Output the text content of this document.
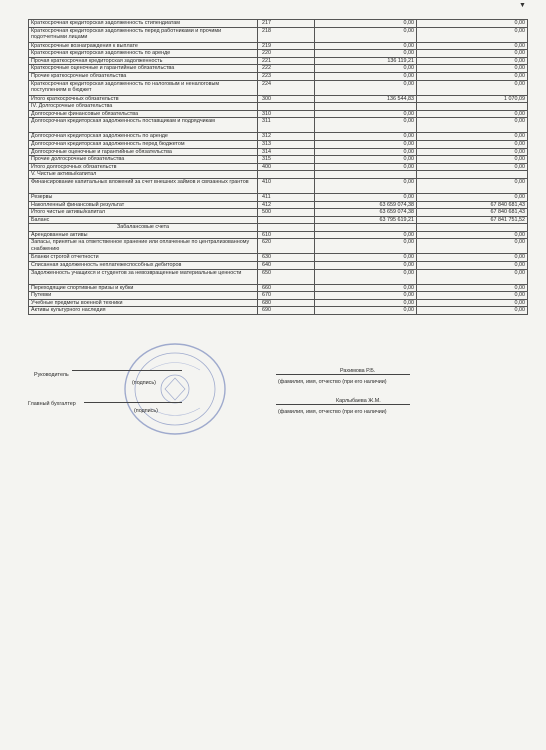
▼
Краткосрочная кредиторская задолженность стипендиатам	217	0,00	0,00
Краткосрочная кредиторская задолженность перед работниками и прочими подотчетными лицами	218	0,00	0,00
Краткосрочные вознаграждения к выплате	219	0,00	0,00
Краткосрочная кредиторская задолженность по аренде	220	0,00	0,00
Прочая краткосрочная кредиторская задолженность	221	136 119,21	0,00
Краткосрочные оценочные и гарантийные обязательства	222	0,00	0,00
Прочие краткосрочные обязательства	223	0,00	0,00
Краткосрочная кредиторская задолженность по налоговым и неналоговым поступлениям в бюджет	224	0,00	0,00
Итого краткосрочных обязательств	300	136 544,83	1 070,09
IV. Долгосрочные обязательства			
Долгосрочные финансовые обязательства	310	0,00	0,00
Долгосрочная кредиторская задолженность поставщикам и подрядчикам	311	0,00	0,00
Долгосрочная кредиторская задолженность по аренде	312	0,00	0,00
Долгосрочная кредиторская задолженность перед бюджетом	313	0,00	0,00
Долгосрочные оценочные и гарантийные обязательства	314	0,00	0,00
Прочие долгосрочные обязательства	315	0,00	0,00
Итого долгосрочных обязательств	400	0,00	0,00
V. Чистые активы/капитал			
Финансирование капитальных вложений за счет внешних займов и связанных грантов	410	0,00	0,00
Резервы	411	0,00	0,00
Накопленный финансовый результат	412	63 659 074,38	67 840 681,43
Итого чистые активы/капитал	500	63 659 074,38	67 840 681,43
Баланс		63 795 619,21	67 841 751,52
Забалансовые счета			
Арендованные активы	610	0,00	0,00
Запасы, принятые на ответственное хранение или оплаченные по централизованному снабжению	620	0,00	0,00
Бланки строгой отчетности	630	0,00	0,00
Списанная задолженность неплатежеспособных дебиторов	640	0,00	0,00
Задолженность учащихся и студентов за невозвращенные материальные ценности	650	0,00	0,00
Переходящие спортивные призы и кубки	660	0,00	0,00
Путевки	670	0,00	0,00
Учебные предметы военной техники	680	0,00	0,00
Активы культурного наследия	690	0,00	0,00
Руководитель
(подпись)
Рахимова Р.Б.
(фамилия, имя, отчество (при его наличии)
Главный бухгалтер
(подпись)
Карлыбаева Ж.М.
(фамилия, имя, отчество (при его наличии)
